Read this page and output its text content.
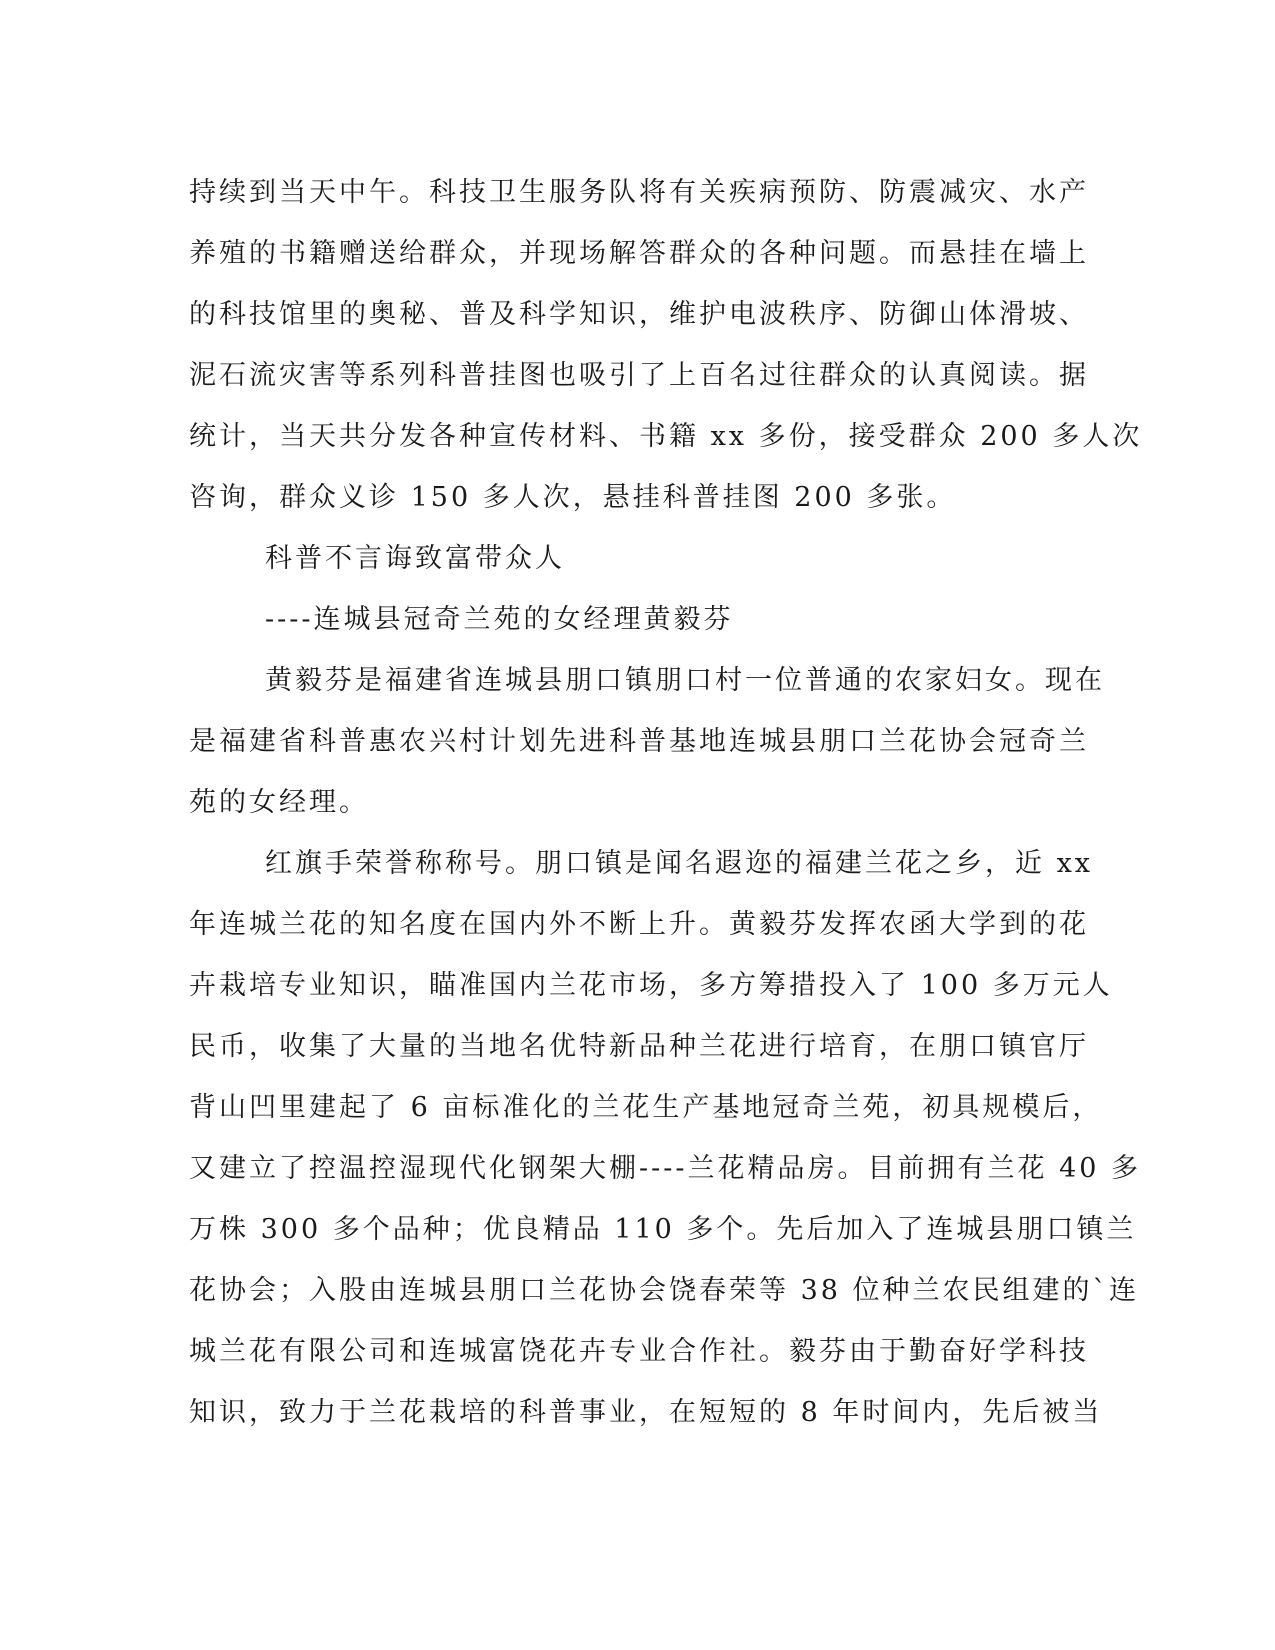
持续到当天中午。科技卫生服务队将有关疾病预防、防震减灾、水产
养殖的书籍赠送给群众，并现场解答群众的各种问题。而悬挂在墙上
的科技馆里的奥秘、普及科学知识，维护电波秩序、防御山体滑坡、
泥石流灾害等系列科普挂图也吸引了上百名过往群众的认真阅读。据
统计，当天共分发各种宣传材料、书籍 xx 多份，接受群众 200 多人次
咨询，群众义诊 150 多人次，悬挂科普挂图 200 多张。
科普不言诲致富带众人
----连城县冠奇兰苑的女经理黄毅芬
黄毅芬是福建省连城县朋口镇朋口村一位普通的农家妇女。现在
是福建省科普惠农兴村计划先进科普基地连城县朋口兰花协会冠奇兰
苑的女经理。
红旗手荣誉称称号。朋口镇是闻名遐迩的福建兰花之乡，近 xx
年连城兰花的知名度在国内外不断上升。黄毅芬发挥农函大学到的花
卉栽培专业知识，瞄准国内兰花市场，多方筹措投入了 100 多万元人
民币，收集了大量的当地名优特新品种兰花进行培育，在朋口镇官厅
背山凹里建起了 6 亩标准化的兰花生产基地冠奇兰苑，初具规模后，
又建立了控温控湿现代化钢架大棚----兰花精品房。目前拥有兰花 40 多
万株 300 多个品种；优良精品 110 多个。先后加入了连城县朋口镇兰
花协会；入股由连城县朋口兰花协会饶春荣等 38 位种兰农民组建的`连
城兰花有限公司和连城富饶花卉专业合作社。毅芬由于勤奋好学科技
知识，致力于兰花栽培的科普事业，在短短的 8 年时间内，先后被当
